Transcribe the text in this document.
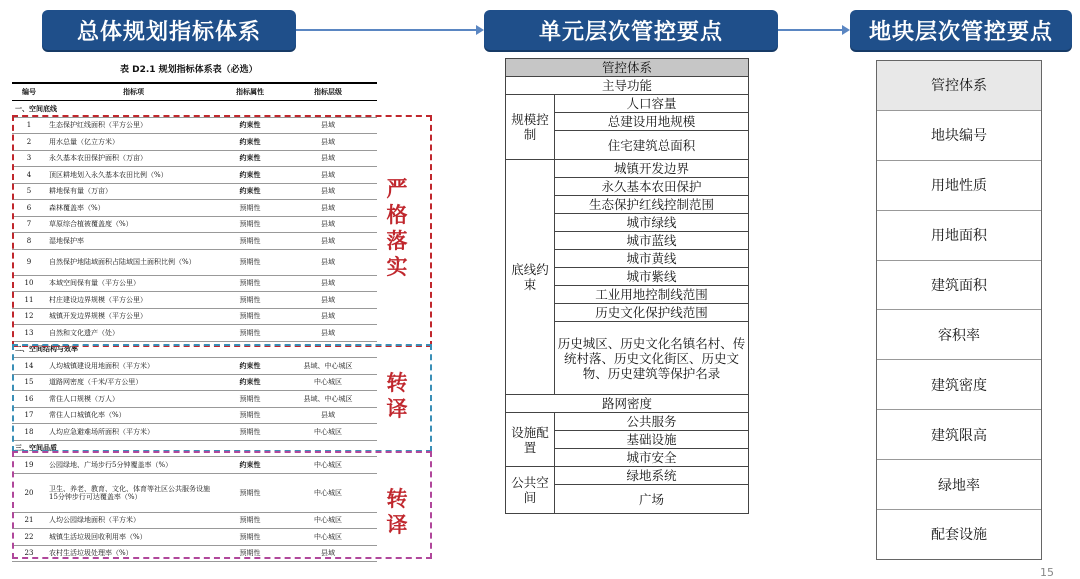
总体规划指标体系	单元层次管控要点	地块层次管控要点
表 D2.1 规划指标体系表（必选）
编号	指标项	指标属性	指标层级
一、空间底线			
1	生态保护红线面积（平方公里）	约束性	县域
2	用水总量（亿立方米）	约束性	县域
3	永久基本农田保护面积（万亩）	约束性	县域
4	顶区耕地划入永久基本农田比例（%）	约束性	县域
5	耕地保有量（万亩）	约束性	县域
6	森林覆盖率（%）	预期性	县域
7	草原综合植被覆盖度（%）	预期性	县域
8	湿地保护率	预期性	县域
9	自然保护地陆域面积占陆域国土面积比例（%）	预期性	县域
10	本域空间保有量（平方公里）	预期性	县域
11	村庄建设边界规模（平方公里）	预期性	县域
12	城镇开发边界规模（平方公里）	预期性	县域
13	自然和文化遗产（处）	预期性	县域
二、空间结构与效率			
14	人均城镇建设用地面积（平方米）	约束性	县域、中心城区
15	道路网密度（千米/平方公里）	约束性	中心城区
16	常住人口规模（万人）	预期性	县域、中心城区
17	常住人口城镇化率（%）	预期性	县域
18	人均应急避难场所面积（平方米）	预期性	中心城区
三、空间品质			
19	公园绿地、广场步行5分钟覆盖率（%）	约束性	中心城区
20	卫生、养老、教育、文化、体育等社区公共服务设施15分钟步行可达覆盖率（%）	预期性	中心城区
21	人均公园绿地面积（平方米）	预期性	中心城区
22	城镇生活垃圾回收利用率（%）	预期性	中心城区
23	农村生活垃圾处理率（%）	预期性	县域
严格落实
转译
转译
管控体系	
主导功能	
规模控制	人口容量
	总建设用地规模
	住宅建筑总面积
底线约束	城镇开发边界
	永久基本农田保护
	生态保护红线控制范围
	城市绿线
	城市蓝线
	城市黄线
	城市紫线
	工业用地控制线范围
	历史文化保护线范围
	历史城区、历史文化名镇名村、传统村落、历史文化街区、历史文物、历史建筑等保护名录
路网密度	
设施配置	公共服务
	基础设施
	城市安全
公共空间	绿地系统
	广场
管控体系
地块编号
用地性质
用地面积
建筑面积
容积率
建筑密度
建筑限高
绿地率
配套设施
15
